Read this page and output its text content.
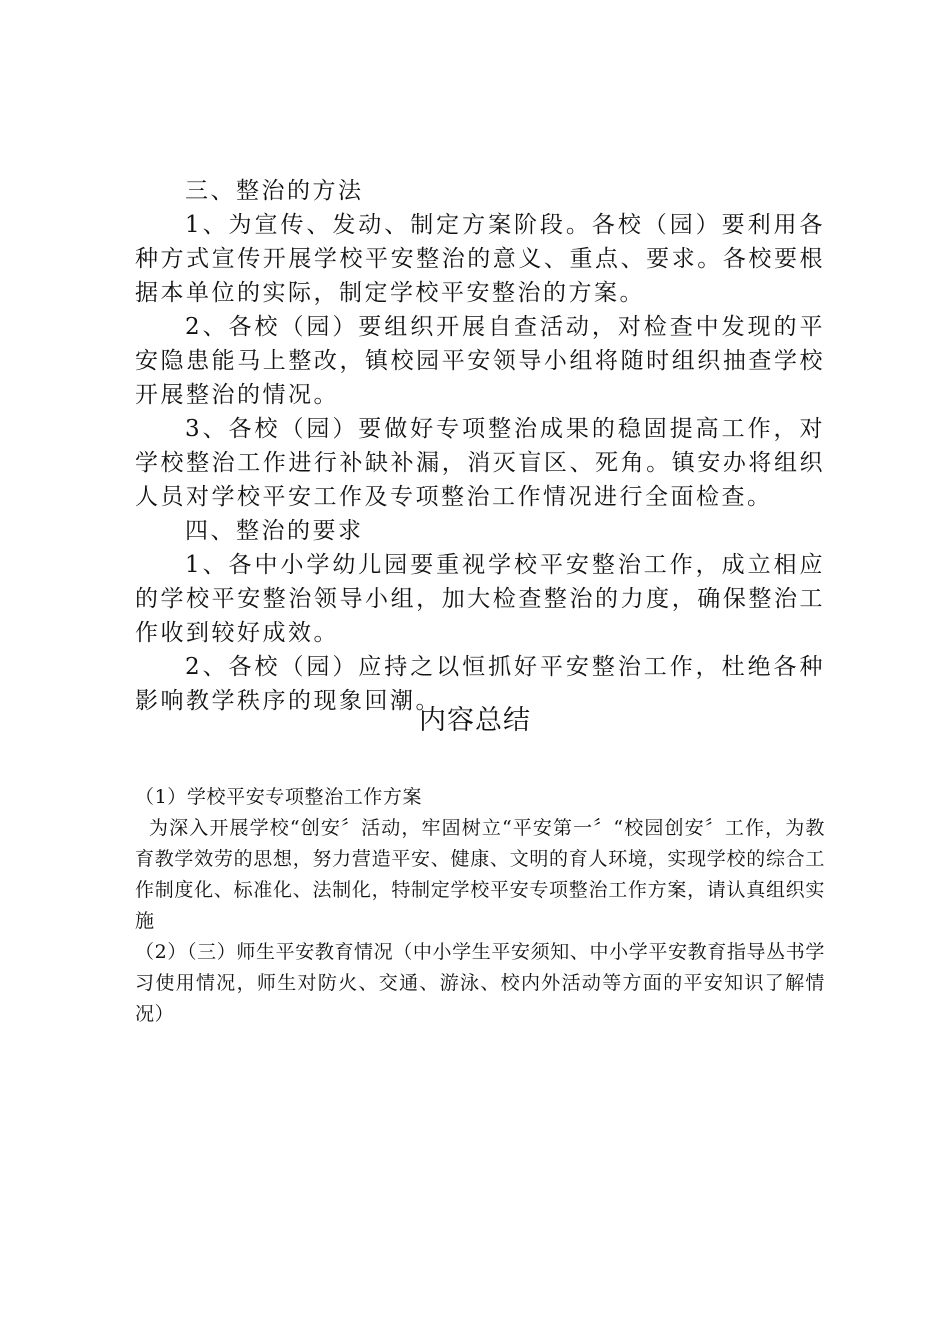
三、整治的方法

1、为宣传、发动、制定方案阶段。各校（园）要利用各种方式宣传开展学校平安整治的意义、重点、要求。各校要根据本单位的实际，制定学校平安整治的方案。

2、各校（园）要组织开展自查活动，对检查中发现的平安隐患能马上整改，镇校园平安领导小组将随时组织抽查学校开展整治的情况。

3、各校（园）要做好专项整治成果的稳固提高工作，对学校整治工作进行补缺补漏，消灭盲区、死角。镇安办将组织人员对学校平安工作及专项整治工作情况进行全面检查。

四、整治的要求

1、各中小学幼儿园要重视学校平安整治工作，成立相应的学校平安整治领导小组，加大检查整治的力度，确保整治工作收到较好成效。

2、各校（园）应持之以恒抓好平安整治工作，杜绝各种影响教学秩序的现象回潮。

内容总结

（1）学校平安专项整治工作方案

为深入开展学校“创安〞活动，牢固树立“平安第一〞“校园创安〞工作，为教育教学效劳的思想，努力营造平安、健康、文明的育人环境，实现学校的综合工作制度化、标准化、法制化，特制定学校平安专项整治工作方案，请认真组织实施

（2）（三）师生平安教育情况（中小学生平安须知、中小学平安教育指导丛书学习使用情况，师生对防火、交通、游泳、校内外活动等方面的平安知识了解情况）
